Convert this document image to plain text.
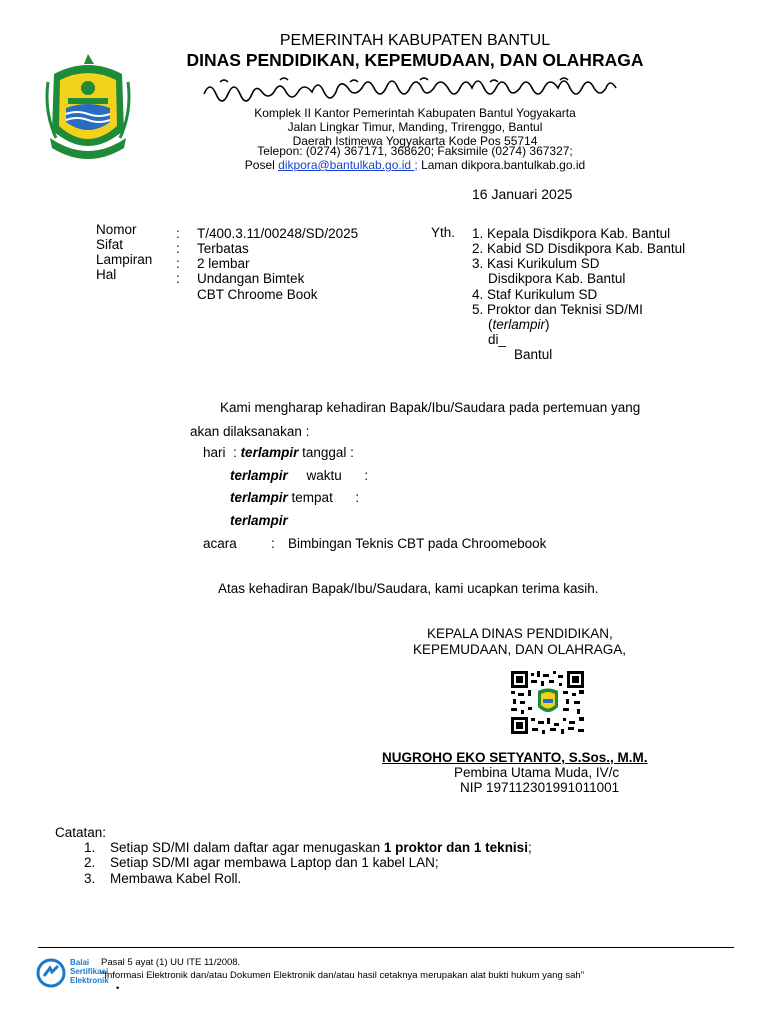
PEMERINTAH KABUPATEN BANTUL
DINAS PENDIDIKAN, KEPEMUDAAN, DAN OLAHRAGA
Komplek II Kantor Pemerintah Kabupaten Bantul Yogyakarta
Jalan Lingkar Timur, Manding, Trirenggo, Bantul
Daerah Istimewa Yogyakarta Kode Pos 55714
Telepon: (0274) 367171, 368620; Faksimile (0274) 367327;
Posel dikpora@bantulkab.go.id ; Laman dikpora.bantulkab.go.id
16 Januari 2025
Nomor
Sifat
Lampiran
Hal
:
:
:
:
T/400.3.11/00248/SD/2025
Terbatas
2 lembar
Undangan Bimtek
CBT Chroome Book
Yth. 1. Kepala Disdikpora Kab. Bantul
2. Kabid SD Disdikpora Kab. Bantul
3. Kasi Kurikulum SD
Disdikpora Kab. Bantul
4. Staf Kurikulum SD
5. Proktor dan Teknisi SD/MI
(terlampir)
di_
Bantul
Kami mengharap kehadiran Bapak/Ibu/Saudara pada pertemuan yang
akan dilaksanakan :
hari : terlampir tanggal :
terlampir waktu :
terlampir tempat :
terlampir
acara	: Bimbingan Teknis CBT pada Chroomebook
Atas kehadiran Bapak/Ibu/Saudara, kami ucapkan terima kasih.
KEPALA DINAS PENDIDIKAN,
KEPEMUDAAN, DAN OLAHRAGA,
NUGROHO EKO SETYANTO, S.Sos., M.M.
Pembina Utama Muda, IV/c
NIP 197112301991011001
Catatan:
1. Setiap SD/MI dalam daftar agar menugaskan 1 proktor dan 1 teknisi;
2. Setiap SD/MI agar membawa Laptop dan 1 kabel LAN;
3. Membawa Kabel Roll.
Balai
Sertifikasi
Elektronik
Pasal 5 ayat (1) UU ITE 11/2008.
"Informasi Elektronik dan/atau Dokumen Elektronik dan/atau hasil cetaknya merupakan alat bukti hukum yang sah"
•
